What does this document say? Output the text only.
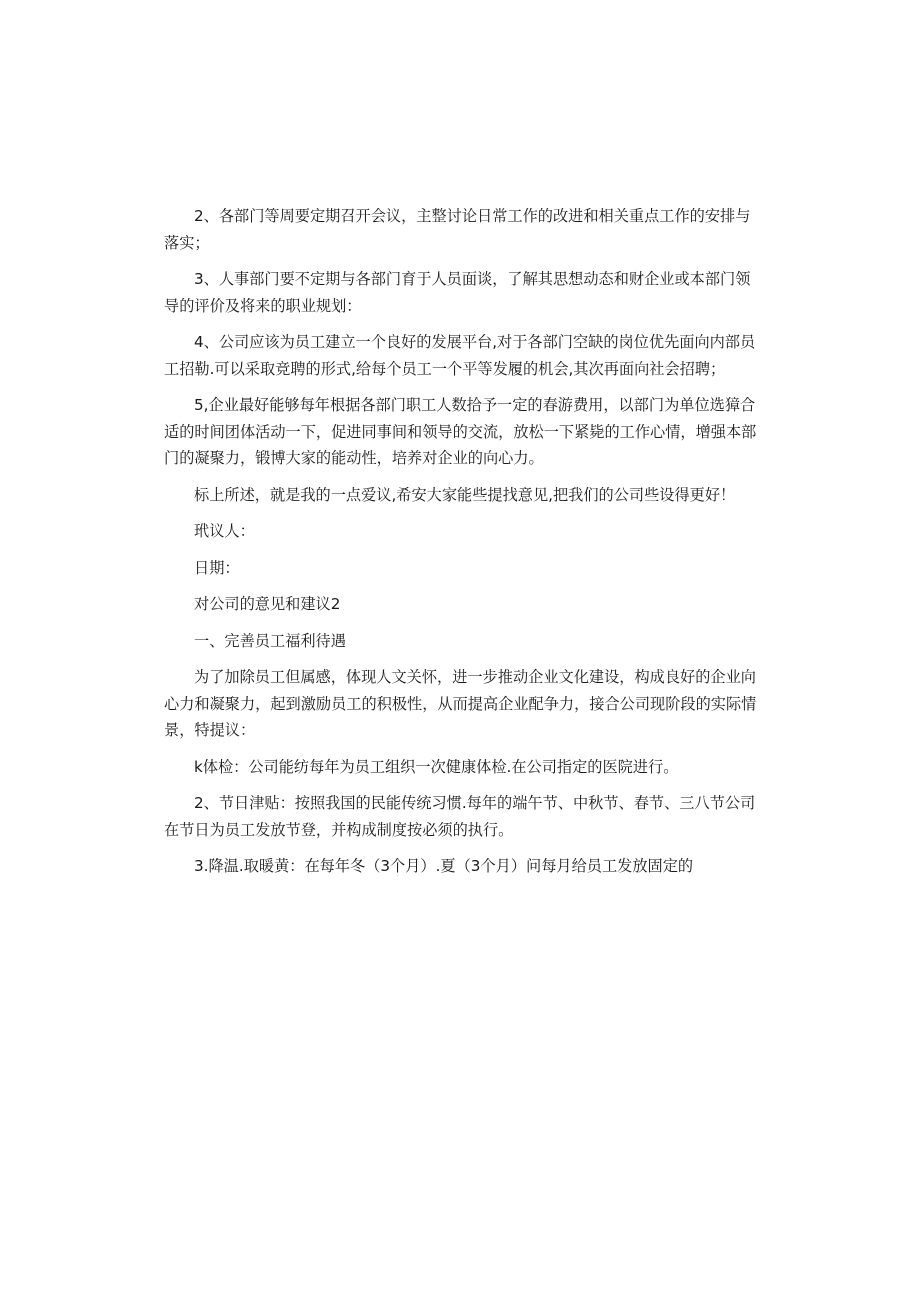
2、各部门等周要定期召开会议，主整讨论日常工作的改进和相关重点工作的安排与落实；

3、人事部门要不定期与各部门育于人员面谈，了解其思想动态和财企业或本部门领导的评价及将来的职业规划：

4、公司应该为员工建立一个良好的发展平台,对于各部门空缺的岗位优先面向内部员工招勒.可以采取竞聘的形式,给每个员工一个平等发履的机会,其次再面向社会招聘；

5,企业最好能够每年根据各部门职工人数拾予一定的春游费用，以部门为单位选獐合适的时间团体活动一下，促进同事间和领导的交流，放松一下紧毙的工作心情，增强本部门的凝聚力，锻博大家的能动性，培养对企业的向心力。

标上所述，就是我的一点爱议,希安大家能些提找意见,把我们的公司些设得更好！

玳议人：

日期：

对公司的意见和建议2

一、完善员工福利待遇

为了加除员工但属感，体现人文关怀，进一步推动企业文化建设，构成良好的企业向心力和凝聚力，起到激励员工的积极性，从而提高企业配争力，接合公司现阶段的实际情景，特提议：

k体检：公司能纺每年为员工组织一次健康体检.在公司指定的医院进行。

2、节日津贴：按照我国的民能传统习惯.每年的端午节、中秋节、春节、三八节公司在节日为员工发放节登，并构成制度按必须的执行。

3.降温.取暖黄：在每年冬（3个月）.夏（3个月）问每月给员工发放固定的
